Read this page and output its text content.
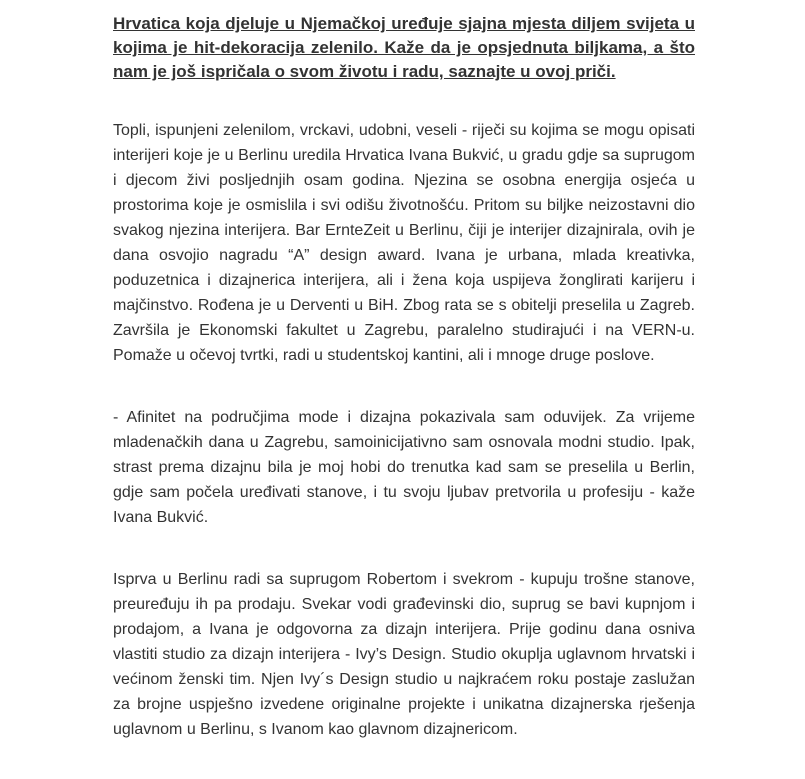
Hrvatica koja djeluje u Njemačkoj uređuje sjajna mjesta diljem svijeta u kojima je hit-dekoracija zelenilo. Kaže da je opsjednuta biljkama, a što nam je još ispričala o svom životu i radu, saznajte u ovoj priči.

Topli, ispunjeni zelenilom, vrckavi, udobni, veseli - riječi su kojima se mogu opisati interijeri koje je u Berlinu uredila Hrvatica Ivana Bukvić, u gradu gdje sa suprugom i djecom živi posljednjih osam godina. Njezina se osobna energija osjeća u prostorima koje je osmislila i svi odišu životnošću. Pritom su biljke neizostavni dio svakog njezina interijera. Bar ErnteZeit u Berlinu, čiji je interijer dizajnirala, ovih je dana osvojio nagradu “A” design award. Ivana je urbana, mlada kreativka, poduzetnica i dizajnerica interijera, ali i žena koja uspijeva žonglirati karijeru i majčinstvo. Rođena je u Derventi u BiH. Zbog rata se s obitelji preselila u Zagreb. Završila je Ekonomski fakultet u Zagrebu, paralelno studirajući i na VERN-u. Pomaže u očevoj tvrtki, radi u studentskoj kantini, ali i mnoge druge poslove.

- Afinitet na područjima mode i dizajna pokazivala sam oduvijek. Za vrijeme mladenačkih dana u Zagrebu, samoinicijativno sam osnovala modni studio. Ipak, strast prema dizajnu bila je moj hobi do trenutka kad sam se preselila u Berlin, gdje sam počela uređivati stanove, i tu svoju ljubav pretvorila u profesiju - kaže Ivana Bukvić.

Isprva u Berlinu radi sa suprugom Robertom i svekrom - kupuju trošne stanove, preuređuju ih pa prodaju. Svekar vodi građevinski dio, suprug se bavi kupnjom i prodajom, a Ivana je odgovorna za dizajn interijera. Prije godinu dana osniva vlastiti studio za dizajn interijera - Ivy’s Design. Studio okuplja uglavnom hrvatski i većinom ženski tim. Njen Ivy´s Design studio u najkraćem roku postaje zaslužan za brojne uspješno izvedene originalne projekte i unikatna dizajnerska rješenja uglavnom u Berlinu, s Ivanom kao glavnom dizajnericom.
